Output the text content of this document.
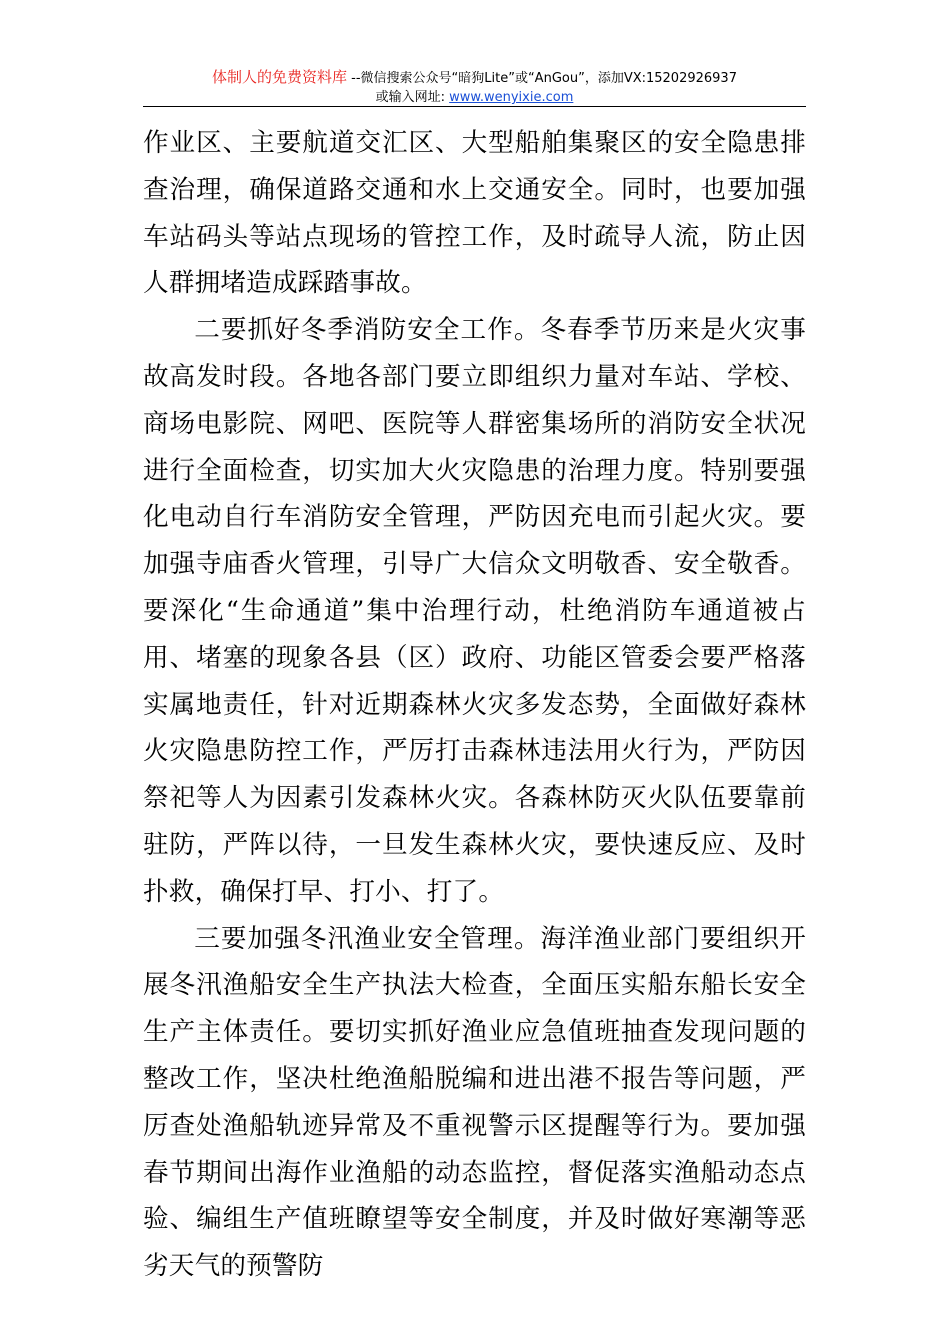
体制人的免费资料库 --微信搜索公众号“暗狗Lite”或“AnGou”，添加VX:15202926937
或输入网址: www.wenyixie.com

作业区、主要航道交汇区、大型船舶集聚区的安全隐患排查治理，确保道路交通和水上交通安全。同时，也要加强车站码头等站点现场的管控工作，及时疏导人流，防止因人群拥堵造成踩踏事故。

二要抓好冬季消防安全工作。冬春季节历来是火灾事故高发时段。各地各部门要立即组织力量对车站、学校、商场电影院、网吧、医院等人群密集场所的消防安全状况进行全面检查，切实加大火灾隐患的治理力度。特别要强化电动自行车消防安全管理，严防因充电而引起火灾。要加强寺庙香火管理，引导广大信众文明敬香、安全敬香。要深化“生命通道”集中治理行动，杜绝消防车通道被占用、堵塞的现象各县（区）政府、功能区管委会要严格落实属地责任，针对近期森林火灾多发态势，全面做好森林火灾隐患防控工作，严厉打击森林违法用火行为，严防因祭祀等人为因素引发森林火灾。各森林防灭火队伍要靠前驻防，严阵以待，一旦发生森林火灾，要快速反应、及时扑救，确保打早、打小、打了。

三要加强冬汛渔业安全管理。海洋渔业部门要组织开展冬汛渔船安全生产执法大检查，全面压实船东船长安全生产主体责任。要切实抓好渔业应急值班抽查发现问题的整改工作，坚决杜绝渔船脱编和进出港不报告等问题，严厉查处渔船轨迹异常及不重视警示区提醒等行为。要加强春节期间出海作业渔船的动态监控，督促落实渔船动态点验、编组生产值班瞭望等安全制度，并及时做好寒潮等恶劣天气的预警防
